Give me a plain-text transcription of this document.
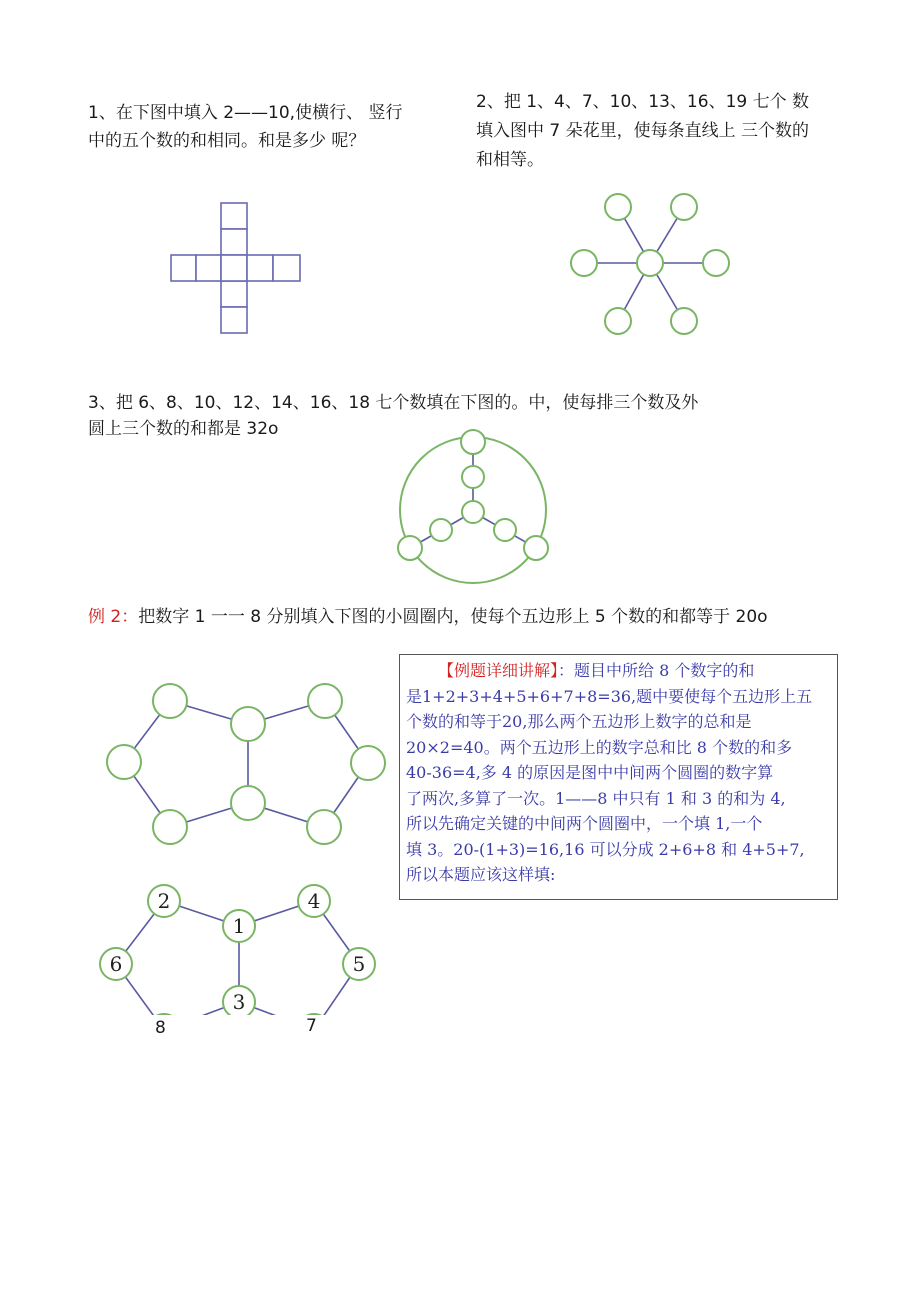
1、在下图中填入 2——10,使横行、 竖行

中的五个数的和相同。和是多少 呢？

2、把 1、4、7、10、13、16、19 七个 数

填入图中 7 朵花里，使每条直线上 三个数的

和相等。

3、把 6、8、10、12、14、16、18 七个数填在下图的。中，使每排三个数及外

圆上三个数的和都是 32o

例 2：把数字 1 一一 8 分别填入下图的小圆圈内，使每个五边形上 5 个数的和都等于 20o

【例题详细讲解】：题目中所给 8 个数字的和
是1+2+3+4+5+6+7+8=36,题中要使每个五边形上五
个数的和等于20,那么两个五边形上数字的总和是
20×2=40。两个五边形上的数字总和比 8 个数的和多
40-36=4,多 4 的原因是图中中间两个圆圈的数字算
了两次,多算了一次。1——8 中只有 1 和 3 的和为 4,
所以先确定关键的中间两个圆圈中，一个填 1,一个
填 3。20-(1+3)=16,16 可以分成 2+6+8 和 4+5+7,
所以本题应该这样填:
2
1
4
6	5
3
8	7
